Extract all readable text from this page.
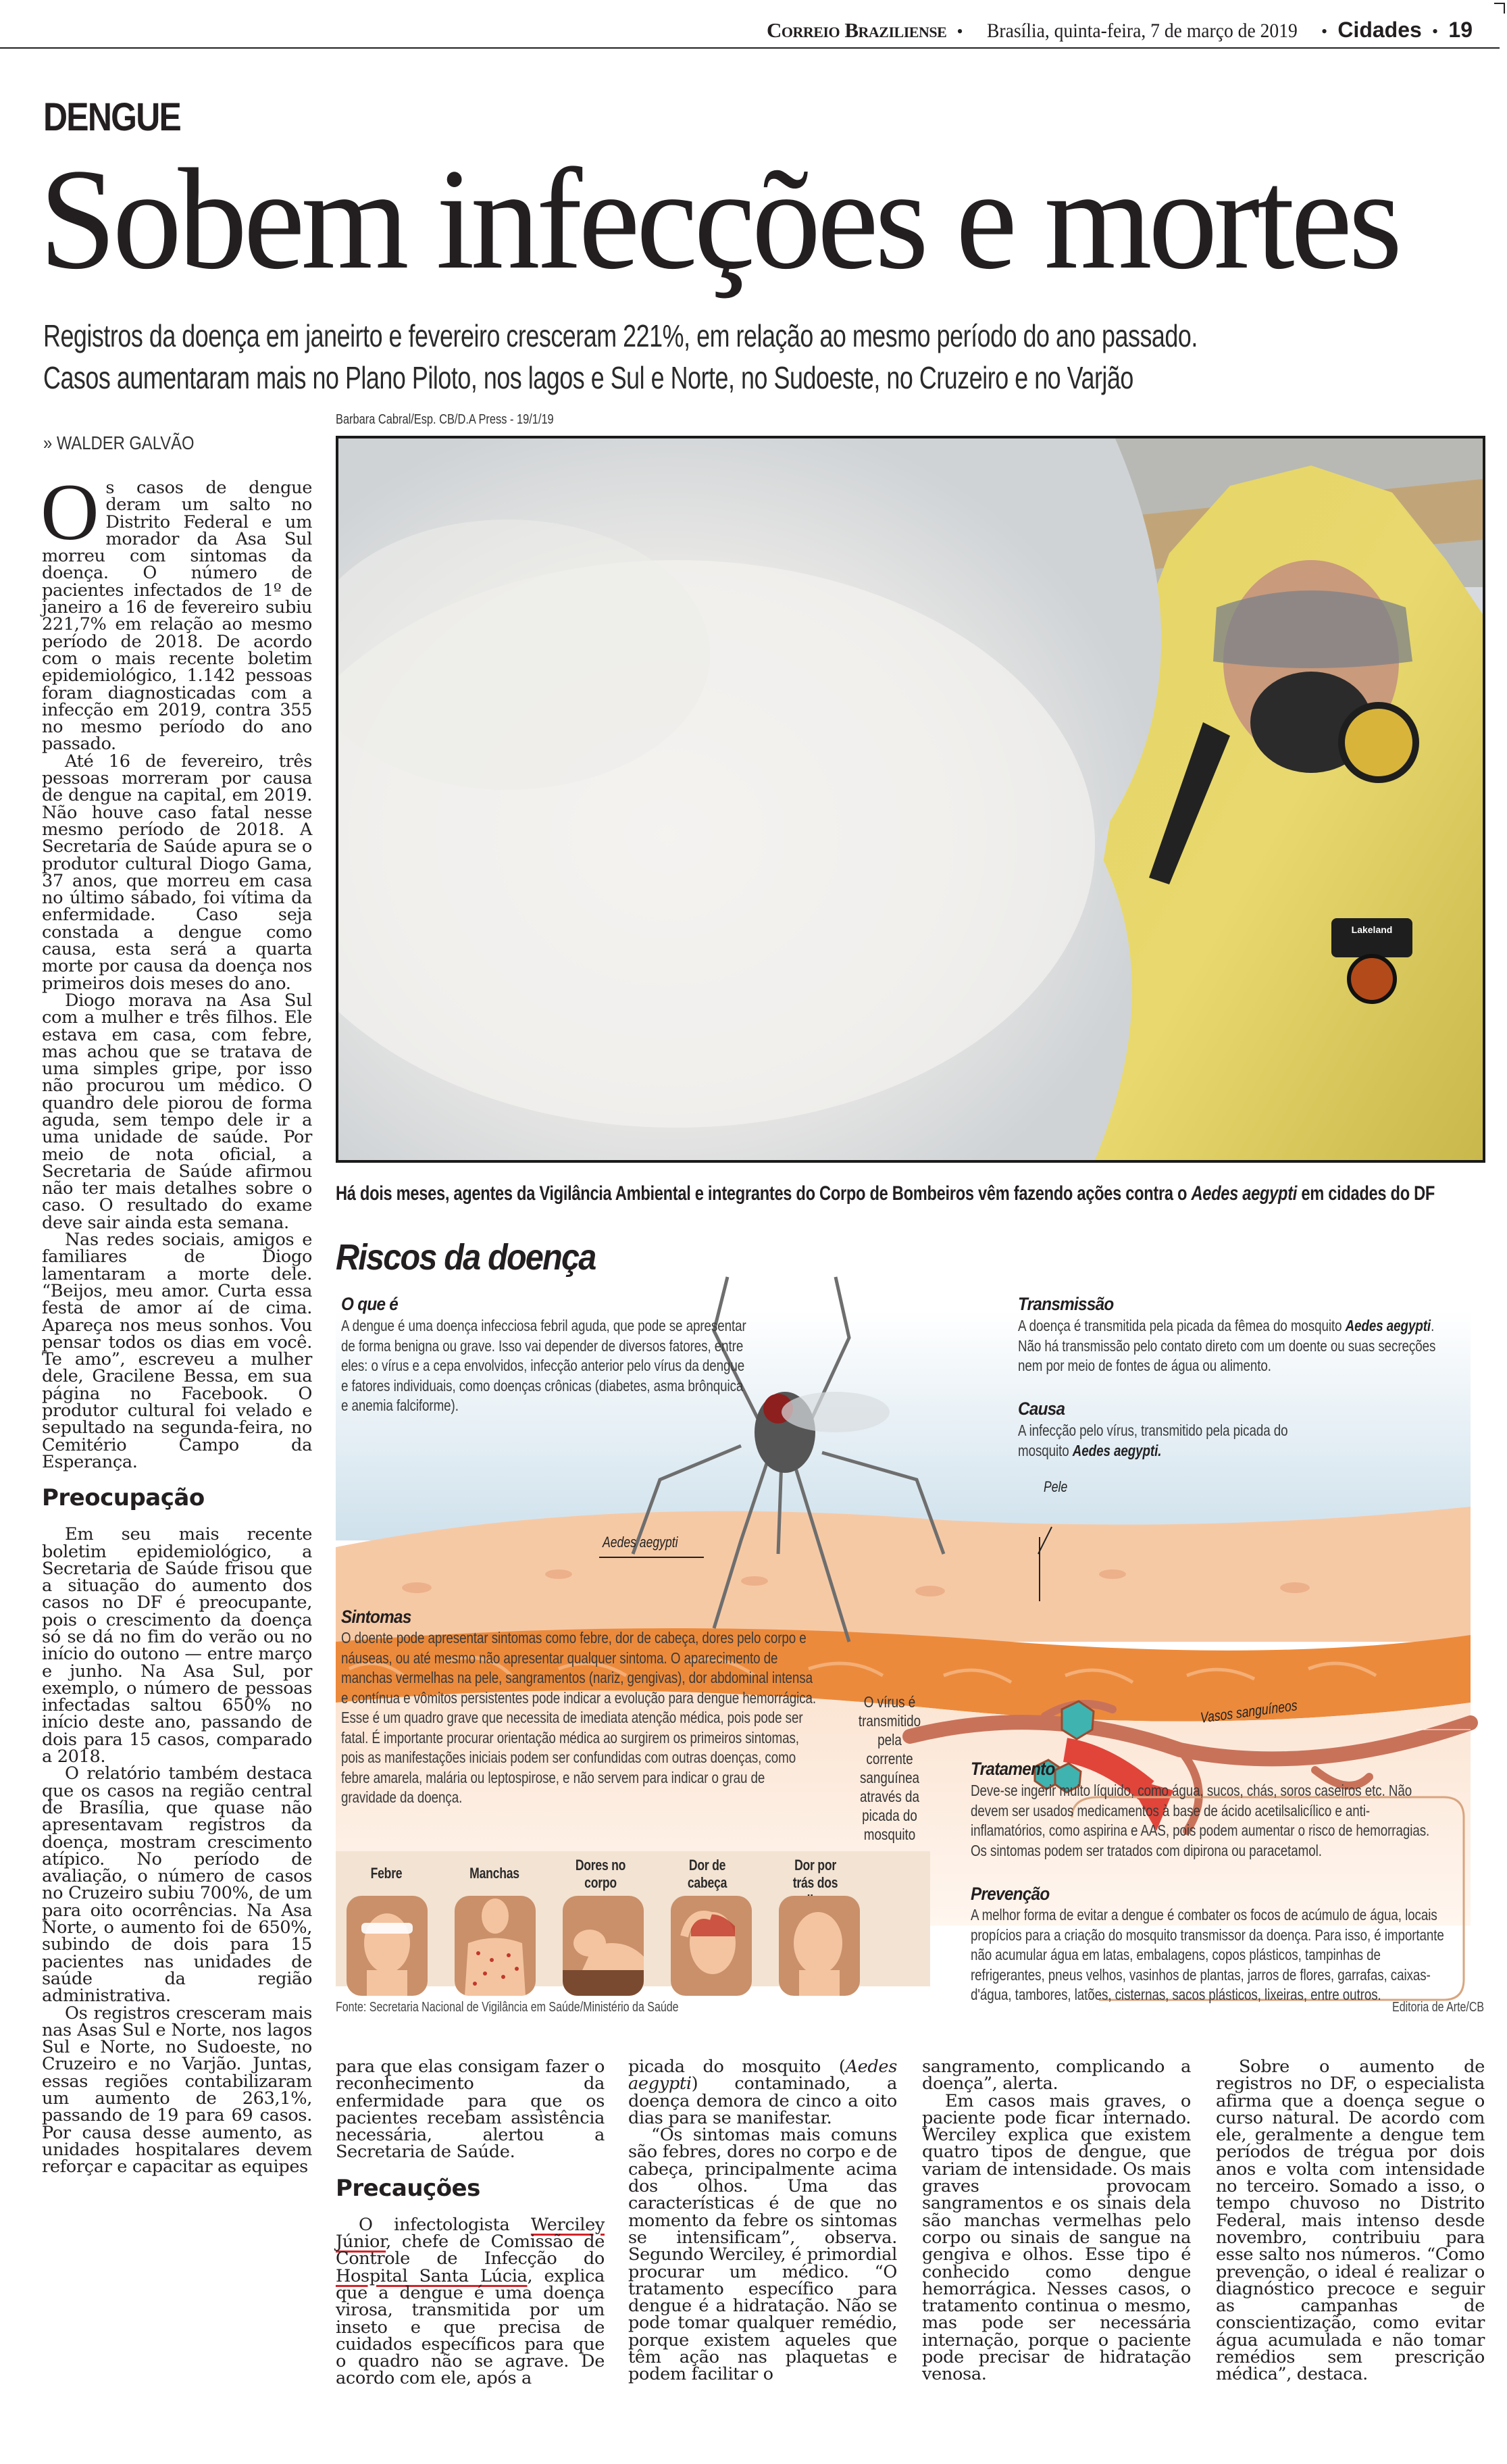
Correio Braziliense • Brasília, quinta-feira, 7 de março de 2019 • Cidades • 19
DENGUE
Sobem infecções e mortes
Registros da doença em janeirto e fevereiro cresceram 221%, em relação ao mesmo período do ano passado.
Casos aumentaram mais no Plano Piloto, nos lagos e Sul e Norte, no Sudoeste, no Cruzeiro e no Varjão
Barbara Cabral/Esp. CB/D.A Press - 19/1/19
» WALDER GALVÃO

Os casos de dengue deram um salto no Distrito Federal e um morador da Asa Sul morreu com sintomas da doença. O número de pacientes infectados de 1º de janeiro a 16 de fevereiro subiu 221,7% em relação ao mesmo período de 2018. De acordo com o mais recente boletim epidemiológico, 1.142 pessoas foram diagnosticadas com a infecção em 2019, contra 355 no mesmo período do ano passado.

Até 16 de fevereiro, três pessoas morreram por causa de dengue na capital, em 2019. Não houve caso fatal nesse mesmo período de 2018. A Secretaria de Saúde apura se o produtor cultural Diogo Gama, 37 anos, que morreu em casa no último sábado, foi vítima da enfermidade. Caso seja constada a dengue como causa, esta será a quarta morte por causa da doença nos primeiros dois meses do ano.

Diogo morava na Asa Sul com a mulher e três filhos. Ele estava em casa, com febre, mas achou que se tratava de uma simples gripe, por isso não procurou um médico. O quandro dele piorou de forma aguda, sem tempo dele ir a uma unidade de saúde. Por meio de nota oficial, a Secretaria de Saúde afirmou não ter mais detalhes sobre o caso. O resultado do exame deve sair ainda esta semana.

Nas redes sociais, amigos e familiares de Diogo lamentaram a morte dele. “Beijos, meu amor. Curta essa festa de amor aí de cima. Apareça nos meus sonhos. Vou pensar todos os dias em você. Te amo”, escreveu a mulher dele, Gracilene Bessa, em sua página no Facebook. O produtor cultural foi velado e sepultado na segunda-feira, no Cemitério Campo da Esperança.

Preocupação

Em seu mais recente boletim epidemiológico, a Secretaria de Saúde frisou que a situação do aumento dos casos no DF é preocupante, pois o crescimento da doença só se dá no fim do verão ou no início do outono — entre março e junho. Na Asa Sul, por exemplo, o número de pessoas infectadas saltou 650% no início deste ano, passando de dois para 15 casos, comparado a 2018.

O relatório também destaca que os casos na região central de Brasília, que quase não apresentavam registros da doença, mostram crescimento atípico. No período de avaliação, o número de casos no Cruzeiro subiu 700%, de um para oito ocorrências. Na Asa Norte, o aumento foi de 650%, subindo de dois para 15 pacientes nas unidades de saúde da região administrativa.

Os registros cresceram mais nas Asas Sul e Norte, nos lagos Sul e Norte, no Sudoeste, no Cruzeiro e no Varjão. Juntas, essas regiões contabilizaram um aumento de 263,1%, passando de 19 para 69 casos. Por causa desse aumento, as unidades hospitalares devem reforçar e capacitar as equipes

Lakeland
Há dois meses, agentes da Vigilância Ambiental e integrantes do Corpo de Bombeiros vêm fazendo ações contra o Aedes aegypti em cidades do DF
Riscos da doença
O que é
A dengue é uma doença infecciosa febril aguda, que pode se apresentar de forma benigna ou grave. Isso vai depender de diversos fatores, entre eles: o vírus e a cepa envolvidos, infecção anterior pelo vírus da dengue e fatores individuais, como doenças crônicas (diabetes, asma brônquica e anemia falciforme).
Transmissão
A doença é transmitida pela picada da fêmea do mosquito Aedes aegypti. Não há transmissão pelo contato direto com um doente ou suas secreções nem por meio de fontes de água ou alimento.
Causa
A infecção pelo vírus, transmitido pela picada do mosquito Aedes aegypti.
Pele
Aedes aegypti
Vasos sanguíneos
Sintomas
O doente pode apresentar sintomas como febre, dor de cabeça, dores pelo corpo e náuseas, ou até mesmo não apresentar qualquer sintoma. O aparecimento de manchas vermelhas na pele, sangramentos (nariz, gengivas), dor abdominal intensa e contínua e vômitos persistentes pode indicar a evolução para dengue hemorrágica. Esse é um quadro grave que necessita de imediata atenção médica, pois pode ser fatal. É importante procurar orientação médica ao surgirem os primeiros sintomas, pois as manifestações iniciais podem ser confundidas com outras doenças, como febre amarela, malária ou leptospirose, e não servem para indicar o grau de gravidade da doença.
O vírus é transmitido pela corrente sanguínea através da picada do mosquito
Tratamento
Deve-se ingerir muito líquido, como água, sucos, chás, soros caseiros etc. Não devem ser usados medicamentos à base de ácido acetilsalicílico e anti-inflamatórios, como aspirina e AAS, pois podem aumentar o risco de hemorragias. Os sintomas podem ser tratados com dipirona ou paracetamol.
Prevenção
A melhor forma de evitar a dengue é combater os focos de acúmulo de água, locais propícios para a criação do mosquito transmissor da doença. Para isso, é importante não acumular água em latas, embalagens, copos plásticos, tampinhas de refrigerantes, pneus velhos, vasinhos de plantas, jarros de flores, garrafas, caixas-d'água, tambores, latões, cisternas, sacos plásticos, lixeiras, entre outros.
Febre	Manchas	Dores no corpo
Dor de cabeça
Dor por trás dos
Fonte: Secretaria Nacional de Vigilância em Saúde/Ministério da Saúde	Editoria de Arte/CB

para que elas consigam fazer o reconhecimento da enfermidade para que os pacientes recebam assistência necessária, alertou a Secretaria de Saúde.

Precauções

O infectologista Werciley Júnior, chefe de Comissão de Controle de Infecção do Hospital Santa Lúcia, explica que a dengue é uma doença virosa, transmitida por um inseto e que precisa de cuidados específicos para que o quadro não se agrave. De acordo com ele, após a

picada do mosquito (Aedes aegypti) contaminado, a doença demora de cinco a oito dias para se manifestar.

“Os sintomas mais comuns são febres, dores no corpo e de cabeça, principalmente acima dos olhos. Uma das características é de que no momento da febre os sintomas se intensificam”, observa. Segundo Werciley, é primordial procurar um médico. “O tratamento específico para dengue é a hidratação. Não se pode tomar qualquer remédio, porque existem aqueles que têm ação nas plaquetas e podem facilitar o

sangramento, complicando a doença”, alerta.

Em casos mais graves, o paciente pode ficar internado. Werciley explica que existem quatro tipos de dengue, que variam de intensidade. Os mais graves provocam sangramentos e os sinais dela são manchas vermelhas pelo corpo ou sinais de sangue na gengiva e olhos. Esse tipo é conhecido como dengue hemorrágica. Nesses casos, o tratamento continua o mesmo, mas pode ser necessária internação, porque o paciente pode precisar de hidratação venosa.

Sobre o aumento de registros no DF, o especialista afirma que a doença segue o curso natural. De acordo com ele, geralmente a dengue tem períodos de trégua por dois anos e volta com intensidade no terceiro. Somado a isso, o tempo chuvoso no Distrito Federal, mais intenso desde novembro, contribuiu para esse salto nos números. “Como prevenção, o ideal é realizar o diagnóstico precoce e seguir as campanhas de conscientização, como evitar água acumulada e não tomar remédios sem prescrição médica”, destaca.
